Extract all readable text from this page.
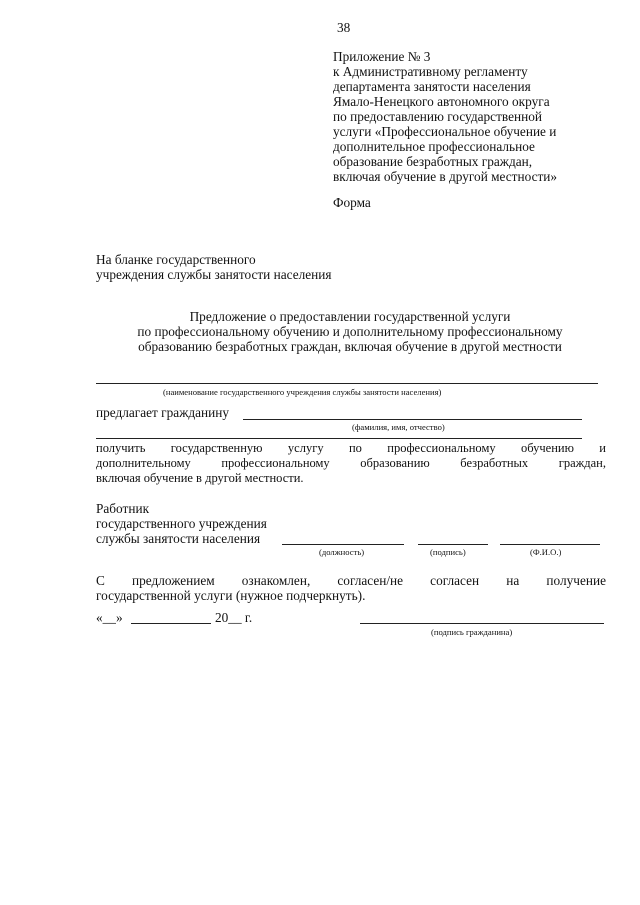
38
Приложение № 3
к Административному регламенту
департамента занятости населения
Ямало-Ненецкого автономного округа
по предоставлению государственной
услуги «Профессиональное обучение и
дополнительное профессиональное
образование безработных граждан,
включая обучение в другой местности»
Форма
На бланке государственного
учреждения службы занятости населения
Предложение о предоставлении государственной услуги
по профессиональному обучению и дополнительному профессиональному
образованию безработных граждан, включая обучение в другой местности
(наименование государственного учреждения службы занятости населения)
предлагает гражданину
(фамилия, имя, отчество)
получить государственную услугу по профессиональному обучению и
дополнительному профессиональному образованию безработных граждан,
включая обучение в другой местности.
Работник
государственного учреждения
службы занятости населения
(должность)	(подпись)	(Ф.И.О.)
С предложением ознакомлен, согласен/не согласен на получение
государственной услуги (нужное подчеркнуть).
«__»	20__ г.
(подпись гражданина)
